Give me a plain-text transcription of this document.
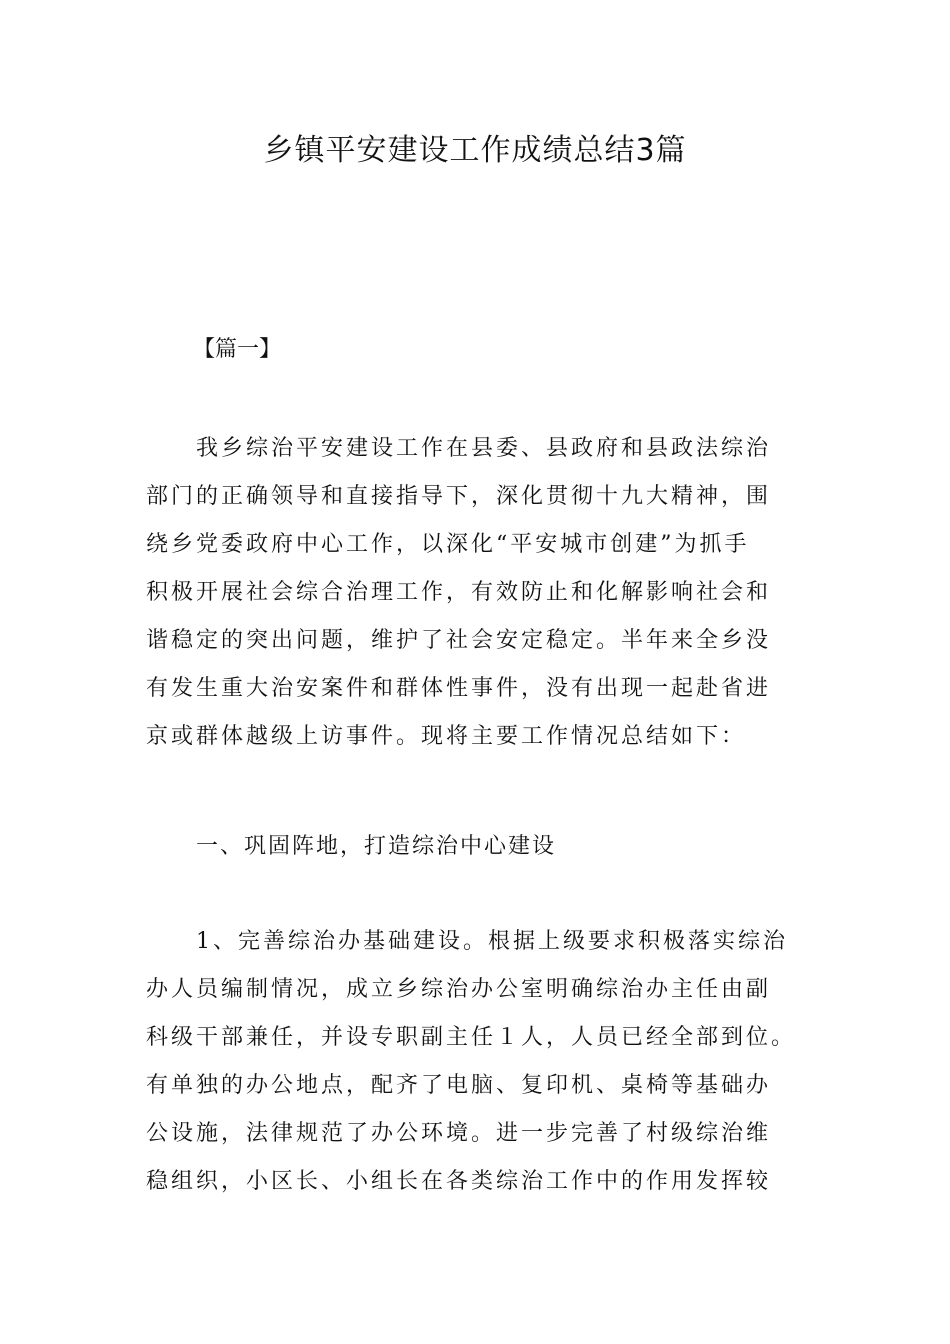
乡镇平安建设工作成绩总结3篇
【篇一】
我乡综治平安建设工作在县委、县政府和县政法综治
部门的正确领导和直接指导下，深化贯彻十九大精神，围
绕乡党委政府中心工作，以深化“平安城市创建”为抓手
积极开展社会综合治理工作，有效防止和化解影响社会和
谐稳定的突出问题，维护了社会安定稳定。半年来全乡没
有发生重大治安案件和群体性事件，没有出现一起赴省进
京或群体越级上访事件。现将主要工作情况总结如下：
一、巩固阵地，打造综治中心建设
1、完善综治办基础建设。根据上级要求积极落实综治
办人员编制情况，成立乡综治办公室明确综治办主任由副
科级干部兼任，并设专职副主任１人，人员已经全部到位。
有单独的办公地点，配齐了电脑、复印机、桌椅等基础办
公设施，法律规范了办公环境。进一步完善了村级综治维
稳组织，小区长、小组长在各类综治工作中的作用发挥较
